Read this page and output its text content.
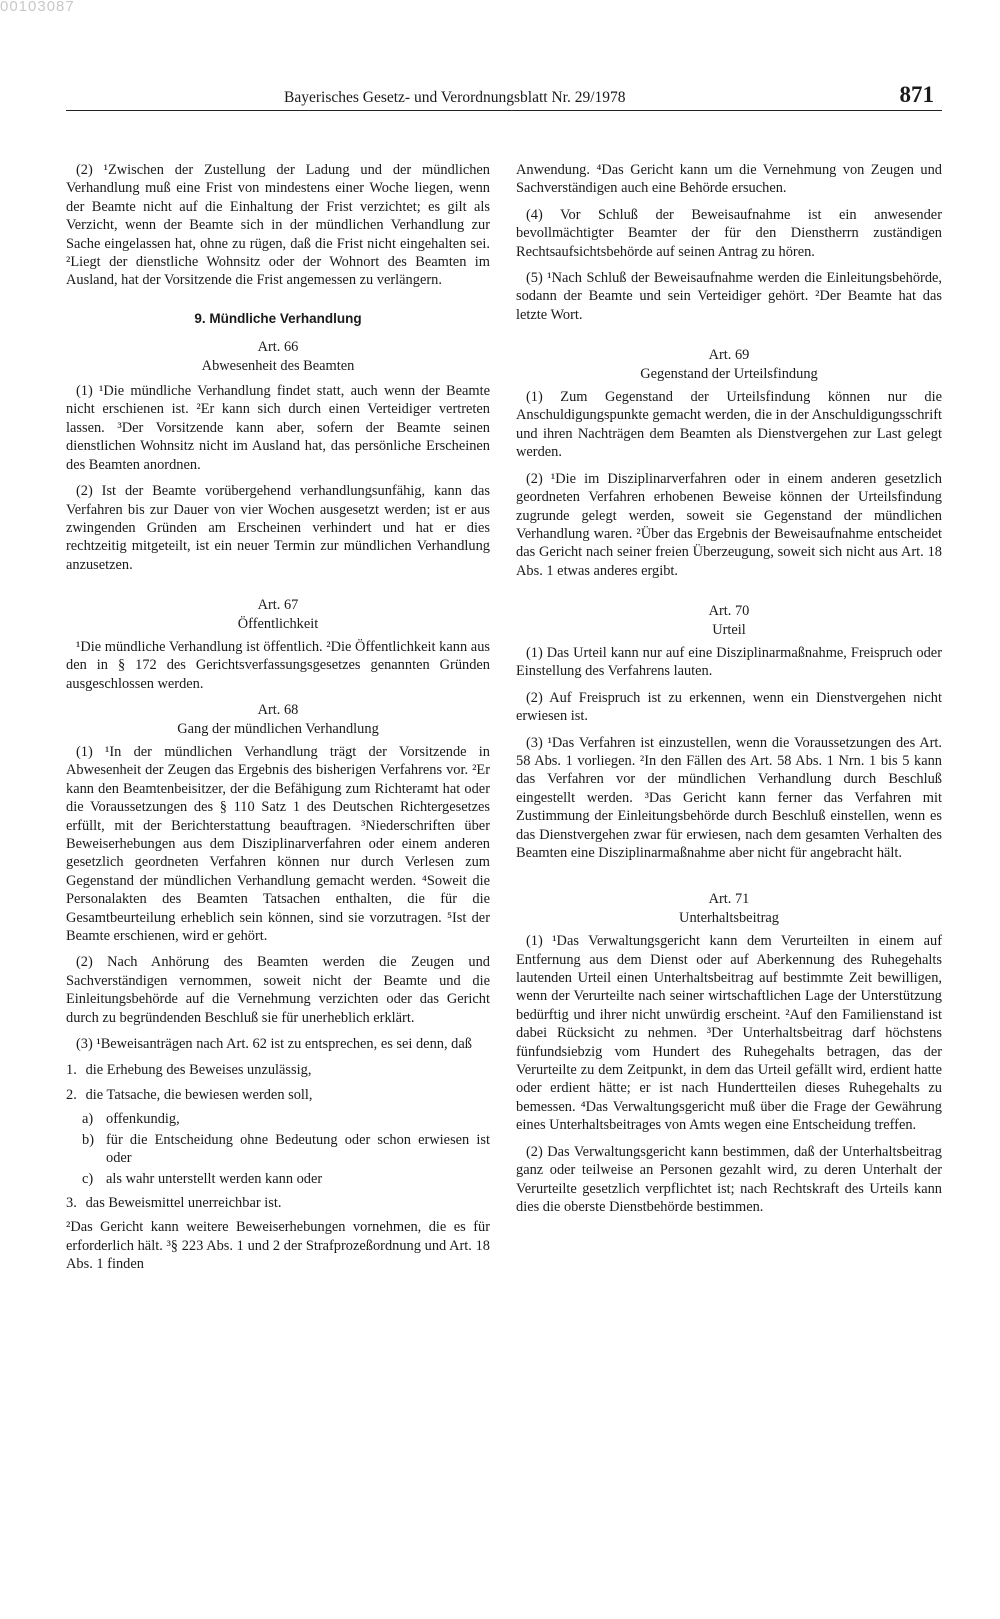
00103087
Bayerisches Gesetz- und Verordnungsblatt Nr. 29/1978	871

(2) ¹Zwischen der Zustellung der Ladung und der mündlichen Verhandlung muß eine Frist von mindestens einer Woche liegen, wenn der Beamte nicht auf die Einhaltung der Frist verzichtet; es gilt als Verzicht, wenn der Beamte sich in der mündlichen Verhandlung zur Sache eingelassen hat, ohne zu rügen, daß die Frist nicht eingehalten sei. ²Liegt der dienstliche Wohnsitz oder der Wohnort des Beamten im Ausland, hat der Vorsitzende die Frist angemessen zu verlängern.

9. Mündliche Verhandlung
Art. 66
Abwesenheit des Beamten

(1) ¹Die mündliche Verhandlung findet statt, auch wenn der Beamte nicht erschienen ist. ²Er kann sich durch einen Verteidiger vertreten lassen. ³Der Vorsitzende kann aber, sofern der Beamte seinen dienstlichen Wohnsitz nicht im Ausland hat, das persönliche Erscheinen des Beamten anordnen.

(2) Ist der Beamte vorübergehend verhandlungsunfähig, kann das Verfahren bis zur Dauer von vier Wochen ausgesetzt werden; ist er aus zwingenden Gründen am Erscheinen verhindert und hat er dies rechtzeitig mitgeteilt, ist ein neuer Termin zur mündlichen Verhandlung anzusetzen.

Art. 67
Öffentlichkeit

¹Die mündliche Verhandlung ist öffentlich. ²Die Öffentlichkeit kann aus den in § 172 des Gerichtsverfassungsgesetzes genannten Gründen ausgeschlossen werden.

Art. 68
Gang der mündlichen Verhandlung

(1) ¹In der mündlichen Verhandlung trägt der Vorsitzende in Abwesenheit der Zeugen das Ergebnis des bisherigen Verfahrens vor. ²Er kann den Beamtenbeisitzer, der die Befähigung zum Richteramt hat oder die Voraussetzungen des § 110 Satz 1 des Deutschen Richtergesetzes erfüllt, mit der Berichterstattung beauftragen. ³Niederschriften über Beweiserhebungen aus dem Disziplinarverfahren oder einem anderen gesetzlich geordneten Verfahren können nur durch Verlesen zum Gegenstand der mündlichen Verhandlung gemacht werden. ⁴Soweit die Personalakten des Beamten Tatsachen enthalten, die für die Gesamtbeurteilung erheblich sein können, sind sie vorzutragen. ⁵Ist der Beamte erschienen, wird er gehört.

(2) Nach Anhörung des Beamten werden die Zeugen und Sachverständigen vernommen, soweit nicht der Beamte und die Einleitungsbehörde auf die Vernehmung verzichten oder das Gericht durch zu begründenden Beschluß sie für unerheblich erklärt.

(3) ¹Beweisanträgen nach Art. 62 ist zu entsprechen, es sei denn, daß

1. die Erhebung des Beweises unzulässig,
2. die Tatsache, die bewiesen werden soll,
a) offenkundig,
b) für die Entscheidung ohne Bedeutung oder schon erwiesen ist oder
c) als wahr unterstellt werden kann oder
3. das Beweismittel unerreichbar ist.

²Das Gericht kann weitere Beweiserhebungen vornehmen, die es für erforderlich hält. ³§ 223 Abs. 1 und 2 der Strafprozeßordnung und Art. 18 Abs. 1 finden

Anwendung. ⁴Das Gericht kann um die Vernehmung von Zeugen und Sachverständigen auch eine Behörde ersuchen.

(4) Vor Schluß der Beweisaufnahme ist ein anwesender bevollmächtigter Beamter der für den Dienstherrn zuständigen Rechtsaufsichtsbehörde auf seinen Antrag zu hören.

(5) ¹Nach Schluß der Beweisaufnahme werden die Einleitungsbehörde, sodann der Beamte und sein Verteidiger gehört. ²Der Beamte hat das letzte Wort.

Art. 69
Gegenstand der Urteilsfindung

(1) Zum Gegenstand der Urteilsfindung können nur die Anschuldigungspunkte gemacht werden, die in der Anschuldigungsschrift und ihren Nachträgen dem Beamten als Dienstvergehen zur Last gelegt werden.

(2) ¹Die im Disziplinarverfahren oder in einem anderen gesetzlich geordneten Verfahren erhobenen Beweise können der Urteilsfindung zugrunde gelegt werden, soweit sie Gegenstand der mündlichen Verhandlung waren. ²Über das Ergebnis der Beweisaufnahme entscheidet das Gericht nach seiner freien Überzeugung, soweit sich nicht aus Art. 18 Abs. 1 etwas anderes ergibt.

Art. 70
Urteil

(1) Das Urteil kann nur auf eine Disziplinarmaßnahme, Freispruch oder Einstellung des Verfahrens lauten.

(2) Auf Freispruch ist zu erkennen, wenn ein Dienstvergehen nicht erwiesen ist.

(3) ¹Das Verfahren ist einzustellen, wenn die Voraussetzungen des Art. 58 Abs. 1 vorliegen. ²In den Fällen des Art. 58 Abs. 1 Nrn. 1 bis 5 kann das Verfahren vor der mündlichen Verhandlung durch Beschluß eingestellt werden. ³Das Gericht kann ferner das Verfahren mit Zustimmung der Einleitungsbehörde durch Beschluß einstellen, wenn es das Dienstvergehen zwar für erwiesen, nach dem gesamten Verhalten des Beamten eine Disziplinarmaßnahme aber nicht für angebracht hält.

Art. 71
Unterhaltsbeitrag

(1) ¹Das Verwaltungsgericht kann dem Verurteilten in einem auf Entfernung aus dem Dienst oder auf Aberkennung des Ruhegehalts lautenden Urteil einen Unterhaltsbeitrag auf bestimmte Zeit bewilligen, wenn der Verurteilte nach seiner wirtschaftlichen Lage der Unterstützung bedürftig und ihrer nicht unwürdig erscheint. ²Auf den Familienstand ist dabei Rücksicht zu nehmen. ³Der Unterhaltsbeitrag darf höchstens fünfundsiebzig vom Hundert des Ruhegehalts betragen, das der Verurteilte zu dem Zeitpunkt, in dem das Urteil gefällt wird, erdient hatte oder erdient hätte; er ist nach Hundertteilen dieses Ruhegehalts zu bemessen. ⁴Das Verwaltungsgericht muß über die Frage der Gewährung eines Unterhaltsbeitrages von Amts wegen eine Entscheidung treffen.

(2) Das Verwaltungsgericht kann bestimmen, daß der Unterhaltsbeitrag ganz oder teilweise an Personen gezahlt wird, zu deren Unterhalt der Verurteilte gesetzlich verpflichtet ist; nach Rechtskraft des Urteils kann dies die oberste Dienstbehörde bestimmen.
